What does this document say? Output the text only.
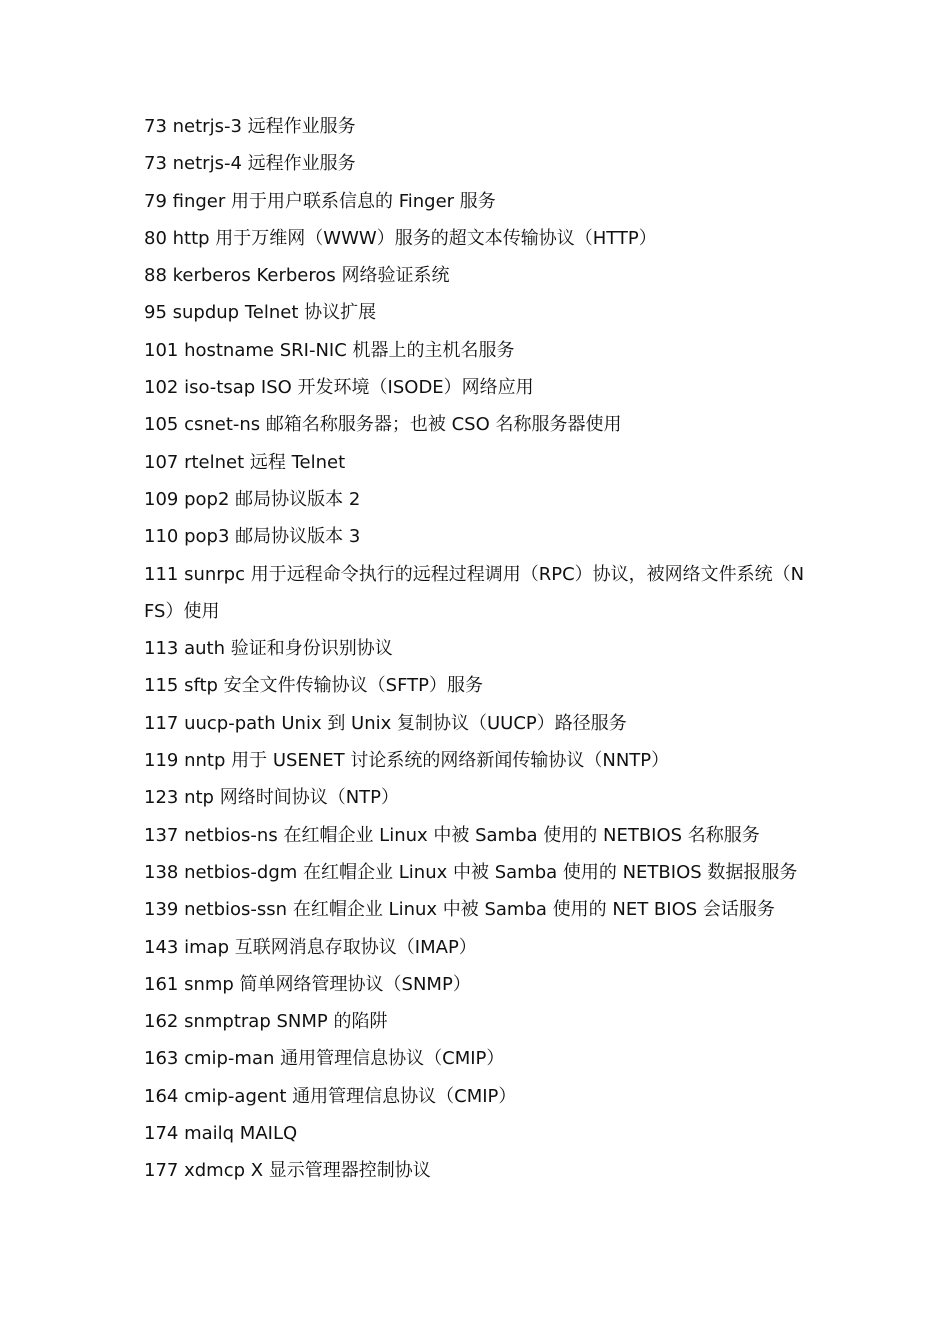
73 netrjs-3 远程作业服务
73 netrjs-4 远程作业服务
79 finger 用于用户联系信息的 Finger 服务
80 http 用于万维网（WWW）服务的超文本传输协议（HTTP）
88 kerberos Kerberos 网络验证系统
95 supdup Telnet 协议扩展
101 hostname SRI-NIC 机器上的主机名服务
102 iso-tsap ISO 开发环境（ISODE）网络应用
105 csnet-ns 邮箱名称服务器；也被 CSO 名称服务器使用
107 rtelnet 远程 Telnet
109 pop2 邮局协议版本 2
110 pop3 邮局协议版本 3
111 sunrpc 用于远程命令执行的远程过程调用（RPC）协议，被网络文件系统（NFS）使用
113 auth 验证和身份识别协议
115 sftp 安全文件传输协议（SFTP）服务
117 uucp-path Unix 到 Unix 复制协议（UUCP）路径服务
119 nntp 用于 USENET 讨论系统的网络新闻传输协议（NNTP）
123 ntp 网络时间协议（NTP）
137 netbios-ns 在红帽企业 Linux 中被 Samba 使用的 NETBIOS 名称服务
138 netbios-dgm 在红帽企业 Linux 中被 Samba 使用的 NETBIOS 数据报服务
139 netbios-ssn 在红帽企业 Linux 中被 Samba 使用的 NET BIOS 会话服务
143 imap 互联网消息存取协议（IMAP）
161 snmp 简单网络管理协议（SNMP）
162 snmptrap SNMP 的陷阱
163 cmip-man 通用管理信息协议（CMIP）
164 cmip-agent 通用管理信息协议（CMIP）
174 mailq MAILQ
177 xdmcp X 显示管理器控制协议
